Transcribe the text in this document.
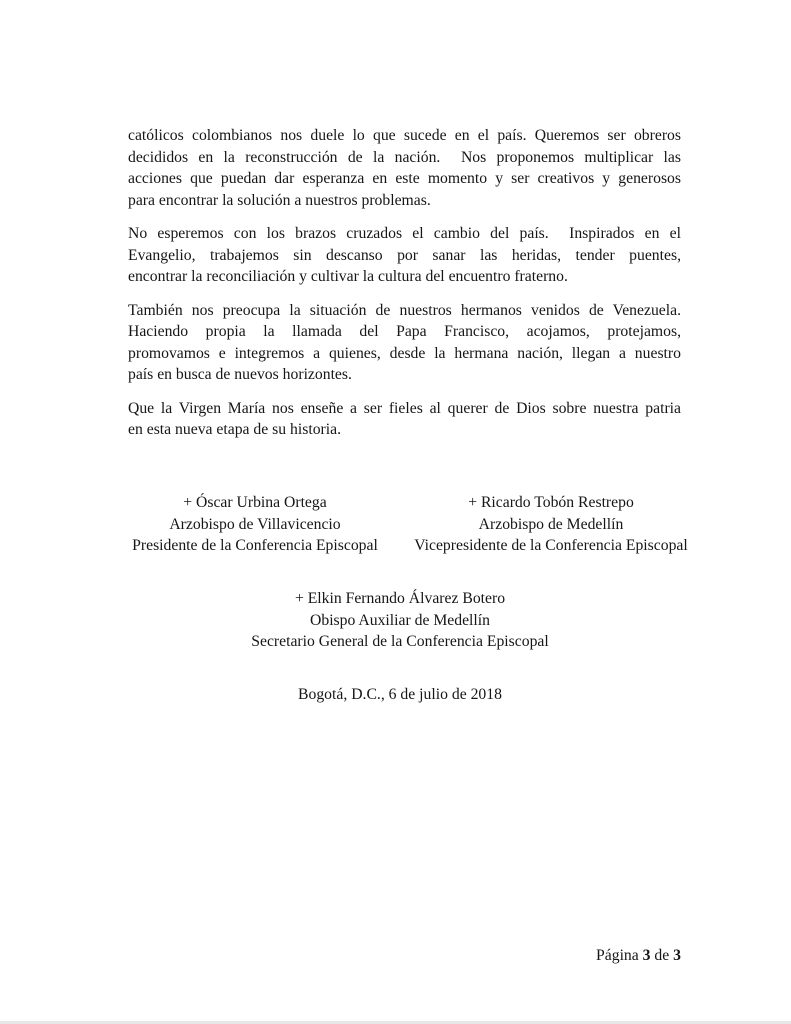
católicos colombianos nos duele lo que sucede en el país. Queremos ser obreros
decididos en la reconstrucción de la nación.  Nos proponemos multiplicar las
acciones que puedan dar esperanza en este momento y ser creativos y generosos
para encontrar la solución a nuestros problemas.
No esperemos con los brazos cruzados el cambio del país.  Inspirados en el
Evangelio, trabajemos sin descanso por sanar las heridas, tender puentes,
encontrar la reconciliación y cultivar la cultura del encuentro fraterno.
También nos preocupa la situación de nuestros hermanos venidos de Venezuela.
Haciendo propia la llamada del Papa Francisco, acojamos, protejamos,
promovamos e integremos a quienes, desde la hermana nación, llegan a nuestro
país en busca de nuevos horizontes.
Que la Virgen María nos enseñe a ser fieles al querer de Dios sobre nuestra patria
en esta nueva etapa de su historia.
+ Óscar Urbina Ortega
Arzobispo de Villavicencio
Presidente de la Conferencia Episcopal
+ Ricardo Tobón Restrepo
Arzobispo de Medellín
Vicepresidente de la Conferencia Episcopal
+ Elkin Fernando Álvarez Botero
Obispo Auxiliar de Medellín
Secretario General de la Conferencia Episcopal
Bogotá, D.C., 6 de julio de 2018
Página 3 de 3
